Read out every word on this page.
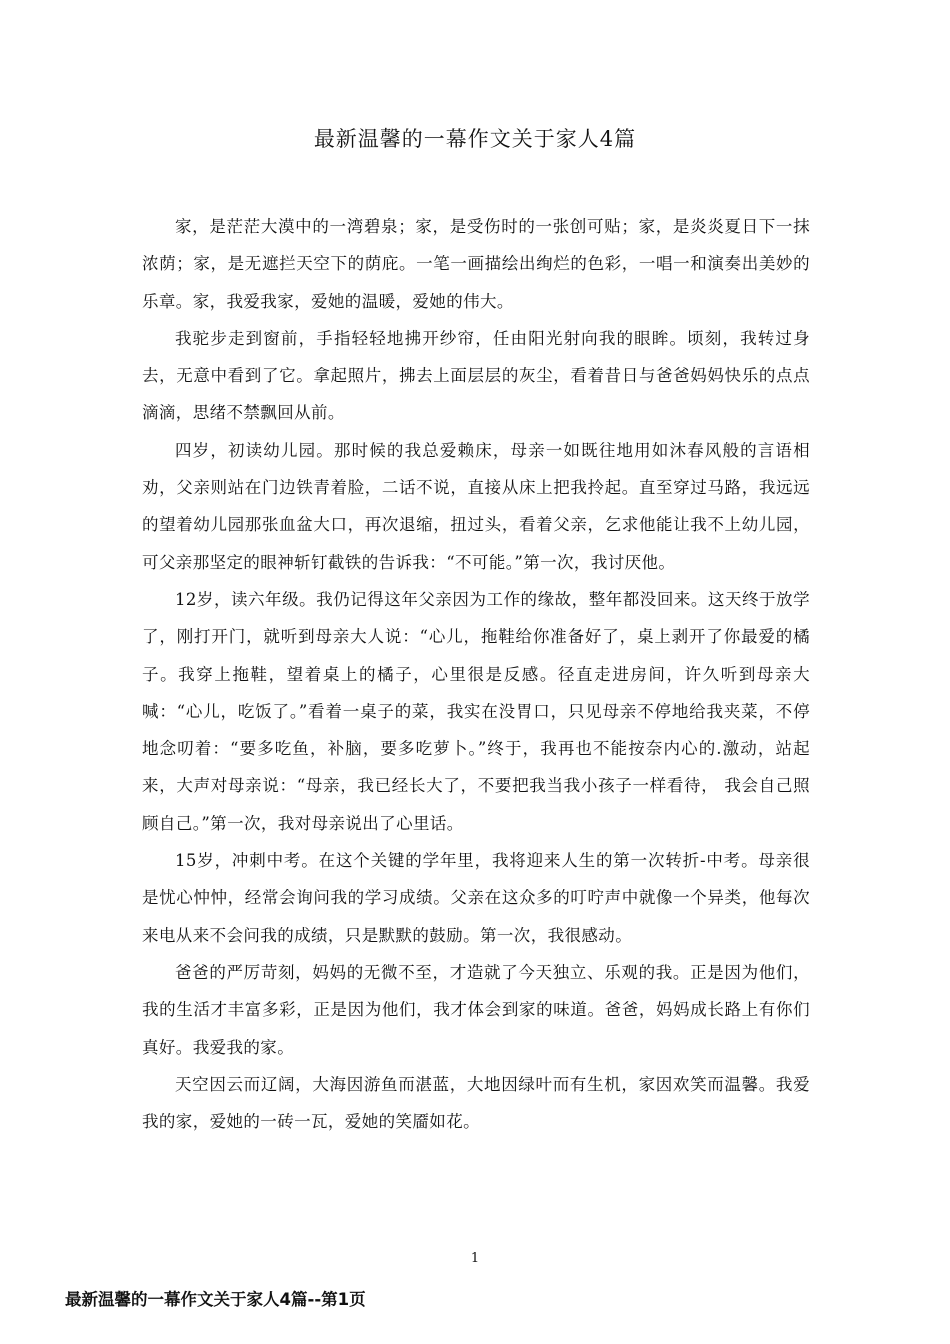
最新温馨的一幕作文关于家人4篇

家，是茫茫大漠中的一湾碧泉；家，是受伤时的一张创可贴；家，是炎炎夏日下一抹浓荫；家，是无遮拦天空下的荫庇。一笔一画描绘出绚烂的色彩，一唱一和演奏出美妙的乐章。家，我爱我家，爱她的温暖，爱她的伟大。

我驼步走到窗前，手指轻轻地拂开纱帘，任由阳光射向我的眼眸。顷刻，我转过身去，无意中看到了它。拿起照片，拂去上面层层的灰尘，看着昔日与爸爸妈妈快乐的点点滴滴，思绪不禁飘回从前。

四岁，初读幼儿园。那时候的我总爱赖床，母亲一如既往地用如沐春风般的言语相劝，父亲则站在门边铁青着脸，二话不说，直接从床上把我拎起。直至穿过马路，我远远的望着幼儿园那张血盆大口，再次退缩，扭过头，看着父亲，乞求他能让我不上幼儿园，可父亲那坚定的眼神斩钉截铁的告诉我：“不可能。”第一次，我讨厌他。

12岁，读六年级。我仍记得这年父亲因为工作的缘故，整年都没回来。这天终于放学了，刚打开门，就听到母亲大人说：“心儿，拖鞋给你准备好了，桌上剥开了你最爱的橘子。我穿上拖鞋，望着桌上的橘子，心里很是反感。径直走进房间，许久听到母亲大喊：“心儿，吃饭了。”看着一桌子的菜，我实在没胃口，只见母亲不停地给我夹菜，不停地念叨着：“要多吃鱼，补脑，要多吃萝卜。”终于，我再也不能按奈内心的.激动，站起来，大声对母亲说：“母亲，我已经长大了，不要把我当我小孩子一样看待， 我会自己照顾自己。”第一次，我对母亲说出了心里话。

15岁，冲刺中考。在这个关键的学年里，我将迎来人生的第一次转折-中考。母亲很是忧心忡忡，经常会询问我的学习成绩。父亲在这众多的叮咛声中就像一个异类，他每次来电从来不会问我的成绩，只是默默的鼓励。第一次，我很感动。

爸爸的严厉苛刻，妈妈的无微不至，才造就了今天独立、乐观的我。正是因为他们，我的生活才丰富多彩，正是因为他们，我才体会到家的味道。爸爸，妈妈成长路上有你们真好。我爱我的家。

天空因云而辽阔，大海因游鱼而湛蓝，大地因绿叶而有生机，家因欢笑而温馨。我爱我的家，爱她的一砖一瓦，爱她的笑靥如花。

1
最新温馨的一幕作文关于家人4篇--第1页
